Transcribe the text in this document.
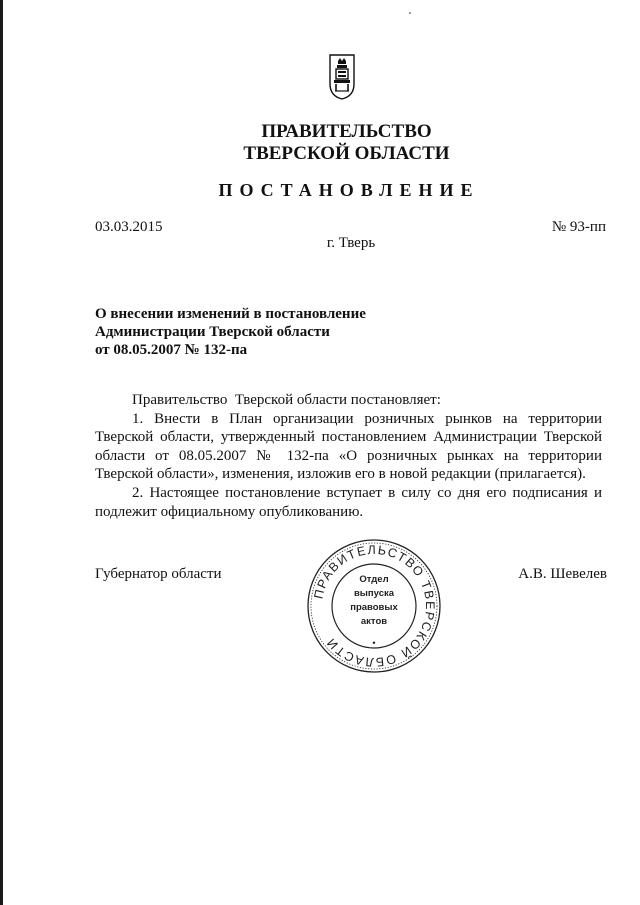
ПРАВИТЕЛЬСТВО
ТВЕРСКОЙ ОБЛАСТИ
ПОСТАНОВЛЕНИЕ
03.03.2015	№ 93-пп
г. Тверь
О внесении изменений в постановление
Администрации Тверской области
от 08.05.2007 № 132-па

Правительство  Тверской области постановляет:

1. Внести в План организации розничных рынков на территории Тверской области, утвержденный постановлением Администрации Тверской области от 08.05.2007 № 132-па «О розничных рынках на территории Тверской области», изменения, изложив его в новой редакции (прилагается).

2. Настоящее постановление вступает в силу со дня его подписания и подлежит официальному опубликованию.

Губернатор области	А.В. Шевелев
ПРАВИТЕЛЬСТВО ТВЕРСКОЙ ОБЛАСТИ
Отдел
выпуска
правовых
актов
•
